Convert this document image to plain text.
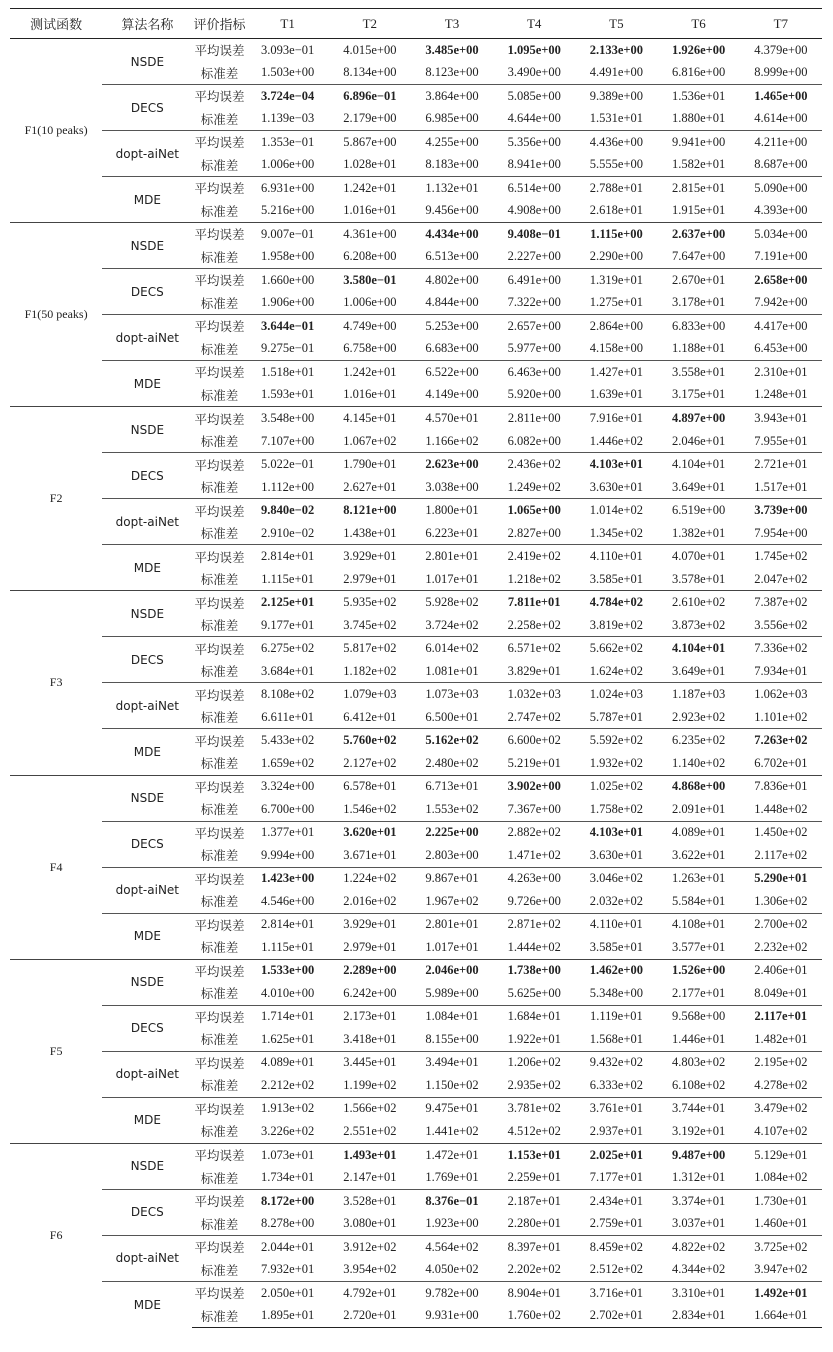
测试函数	算法名称	评价指标	T1	T2	T3	T4	T5	T6	T7
F1(10 peaks)	NSDE	平均误差	3.093e−01	4.015e+00	3.485e+00	1.095e+00	2.133e+00	1.926e+00	4.379e+00
		标准差	1.503e+00	8.134e+00	8.123e+00	3.490e+00	4.491e+00	6.816e+00	8.999e+00
	DECS	平均误差	3.724e−04	6.896e−01	3.864e+00	5.085e+00	9.389e+00	1.536e+01	1.465e+00
		标准差	1.139e−03	2.179e+00	6.985e+00	4.644e+00	1.531e+01	1.880e+01	4.614e+00
	dopt-aiNet	平均误差	1.353e−01	5.867e+00	4.255e+00	5.356e+00	4.436e+00	9.941e+00	4.211e+00
		标准差	1.006e+00	1.028e+01	8.183e+00	8.941e+00	5.555e+00	1.582e+01	8.687e+00
	MDE	平均误差	6.931e+00	1.242e+01	1.132e+01	6.514e+00	2.788e+01	2.815e+01	5.090e+00
		标准差	5.216e+00	1.016e+01	9.456e+00	4.908e+00	2.618e+01	1.915e+01	4.393e+00
F1(50 peaks)	NSDE	平均误差	9.007e−01	4.361e+00	4.434e+00	9.408e−01	1.115e+00	2.637e+00	5.034e+00
		标准差	1.958e+00	6.208e+00	6.513e+00	2.227e+00	2.290e+00	7.647e+00	7.191e+00
	DECS	平均误差	1.660e+00	3.580e−01	4.802e+00	6.491e+00	1.319e+01	2.670e+01	2.658e+00
		标准差	1.906e+00	1.006e+00	4.844e+00	7.322e+00	1.275e+01	3.178e+01	7.942e+00
	dopt-aiNet	平均误差	3.644e−01	4.749e+00	5.253e+00	2.657e+00	2.864e+00	6.833e+00	4.417e+00
		标准差	9.275e−01	6.758e+00	6.683e+00	5.977e+00	4.158e+00	1.188e+01	6.453e+00
	MDE	平均误差	1.518e+01	1.242e+01	6.522e+00	6.463e+00	1.427e+01	3.558e+01	2.310e+01
		标准差	1.593e+01	1.016e+01	4.149e+00	5.920e+00	1.639e+01	3.175e+01	1.248e+01
F2	NSDE	平均误差	3.548e+00	4.145e+01	4.570e+01	2.811e+00	7.916e+01	4.897e+00	3.943e+01
		标准差	7.107e+00	1.067e+02	1.166e+02	6.082e+00	1.446e+02	2.046e+01	7.955e+01
	DECS	平均误差	5.022e−01	1.790e+01	2.623e+00	2.436e+02	4.103e+01	4.104e+01	2.721e+01
		标准差	1.112e+00	2.627e+01	3.038e+00	1.249e+02	3.630e+01	3.649e+01	1.517e+01
	dopt-aiNet	平均误差	9.840e−02	8.121e+00	1.800e+01	1.065e+00	1.014e+02	6.519e+00	3.739e+00
		标准差	2.910e−02	1.438e+01	6.223e+01	2.827e+00	1.345e+02	1.382e+01	7.954e+00
	MDE	平均误差	2.814e+01	3.929e+01	2.801e+01	2.419e+02	4.110e+01	4.070e+01	1.745e+02
		标准差	1.115e+01	2.979e+01	1.017e+01	1.218e+02	3.585e+01	3.578e+01	2.047e+02
F3	NSDE	平均误差	2.125e+01	5.935e+02	5.928e+02	7.811e+01	4.784e+02	2.610e+02	7.387e+02
		标准差	9.177e+01	3.745e+02	3.724e+02	2.258e+02	3.819e+02	3.873e+02	3.556e+02
	DECS	平均误差	6.275e+02	5.817e+02	6.014e+02	6.571e+02	5.662e+02	4.104e+01	7.336e+02
		标准差	3.684e+01	1.182e+02	1.081e+01	3.829e+01	1.624e+02	3.649e+01	7.934e+01
	dopt-aiNet	平均误差	8.108e+02	1.079e+03	1.073e+03	1.032e+03	1.024e+03	1.187e+03	1.062e+03
		标准差	6.611e+01	6.412e+01	6.500e+01	2.747e+02	5.787e+01	2.923e+02	1.101e+02
	MDE	平均误差	5.433e+02	5.760e+02	5.162e+02	6.600e+02	5.592e+02	6.235e+02	7.263e+02
		标准差	1.659e+02	2.127e+02	2.480e+02	5.219e+01	1.932e+02	1.140e+02	6.702e+01
F4	NSDE	平均误差	3.324e+00	6.578e+01	6.713e+01	3.902e+00	1.025e+02	4.868e+00	7.836e+01
		标准差	6.700e+00	1.546e+02	1.553e+02	7.367e+00	1.758e+02	2.091e+01	1.448e+02
	DECS	平均误差	1.377e+01	3.620e+01	2.225e+00	2.882e+02	4.103e+01	4.089e+01	1.450e+02
		标准差	9.994e+00	3.671e+01	2.803e+00	1.471e+02	3.630e+01	3.622e+01	2.117e+02
	dopt-aiNet	平均误差	1.423e+00	1.224e+02	9.867e+01	4.263e+00	3.046e+02	1.263e+01	5.290e+01
		标准差	4.546e+00	2.016e+02	1.967e+02	9.726e+00	2.032e+02	5.584e+01	1.306e+02
	MDE	平均误差	2.814e+01	3.929e+01	2.801e+01	2.871e+02	4.110e+01	4.108e+01	2.700e+02
		标准差	1.115e+01	2.979e+01	1.017e+01	1.444e+02	3.585e+01	3.577e+01	2.232e+02
F5	NSDE	平均误差	1.533e+00	2.289e+00	2.046e+00	1.738e+00	1.462e+00	1.526e+00	2.406e+01
		标准差	4.010e+00	6.242e+00	5.989e+00	5.625e+00	5.348e+00	2.177e+01	8.049e+01
	DECS	平均误差	1.714e+01	2.173e+01	1.084e+01	1.684e+01	1.119e+01	9.568e+00	2.117e+01
		标准差	1.625e+01	3.418e+01	8.155e+00	1.922e+01	1.568e+01	1.446e+01	1.482e+01
	dopt-aiNet	平均误差	4.089e+01	3.445e+01	3.494e+01	1.206e+02	9.432e+02	4.803e+02	2.195e+02
		标准差	2.212e+02	1.199e+02	1.150e+02	2.935e+02	6.333e+02	6.108e+02	4.278e+02
	MDE	平均误差	1.913e+02	1.566e+02	9.475e+01	3.781e+02	3.761e+01	3.744e+01	3.479e+02
		标准差	3.226e+02	2.551e+02	1.441e+02	4.512e+02	2.937e+01	3.192e+01	4.107e+02
F6	NSDE	平均误差	1.073e+01	1.493e+01	1.472e+01	1.153e+01	2.025e+01	9.487e+00	5.129e+01
		标准差	1.734e+01	2.147e+01	1.769e+01	2.259e+01	7.177e+01	1.312e+01	1.084e+02
	DECS	平均误差	8.172e+00	3.528e+01	8.376e−01	2.187e+01	2.434e+01	3.374e+01	1.730e+01
		标准差	8.278e+00	3.080e+01	1.923e+00	2.280e+01	2.759e+01	3.037e+01	1.460e+01
	dopt-aiNet	平均误差	2.044e+01	3.912e+02	4.564e+02	8.397e+01	8.459e+02	4.822e+02	3.725e+02
		标准差	7.932e+01	3.954e+02	4.050e+02	2.202e+02	2.512e+02	4.344e+02	3.947e+02
	MDE	平均误差	2.050e+01	4.792e+01	9.782e+00	8.904e+01	3.716e+01	3.310e+01	1.492e+01
		标准差	1.895e+01	2.720e+01	9.931e+00	1.760e+02	2.702e+01	2.834e+01	1.664e+01
